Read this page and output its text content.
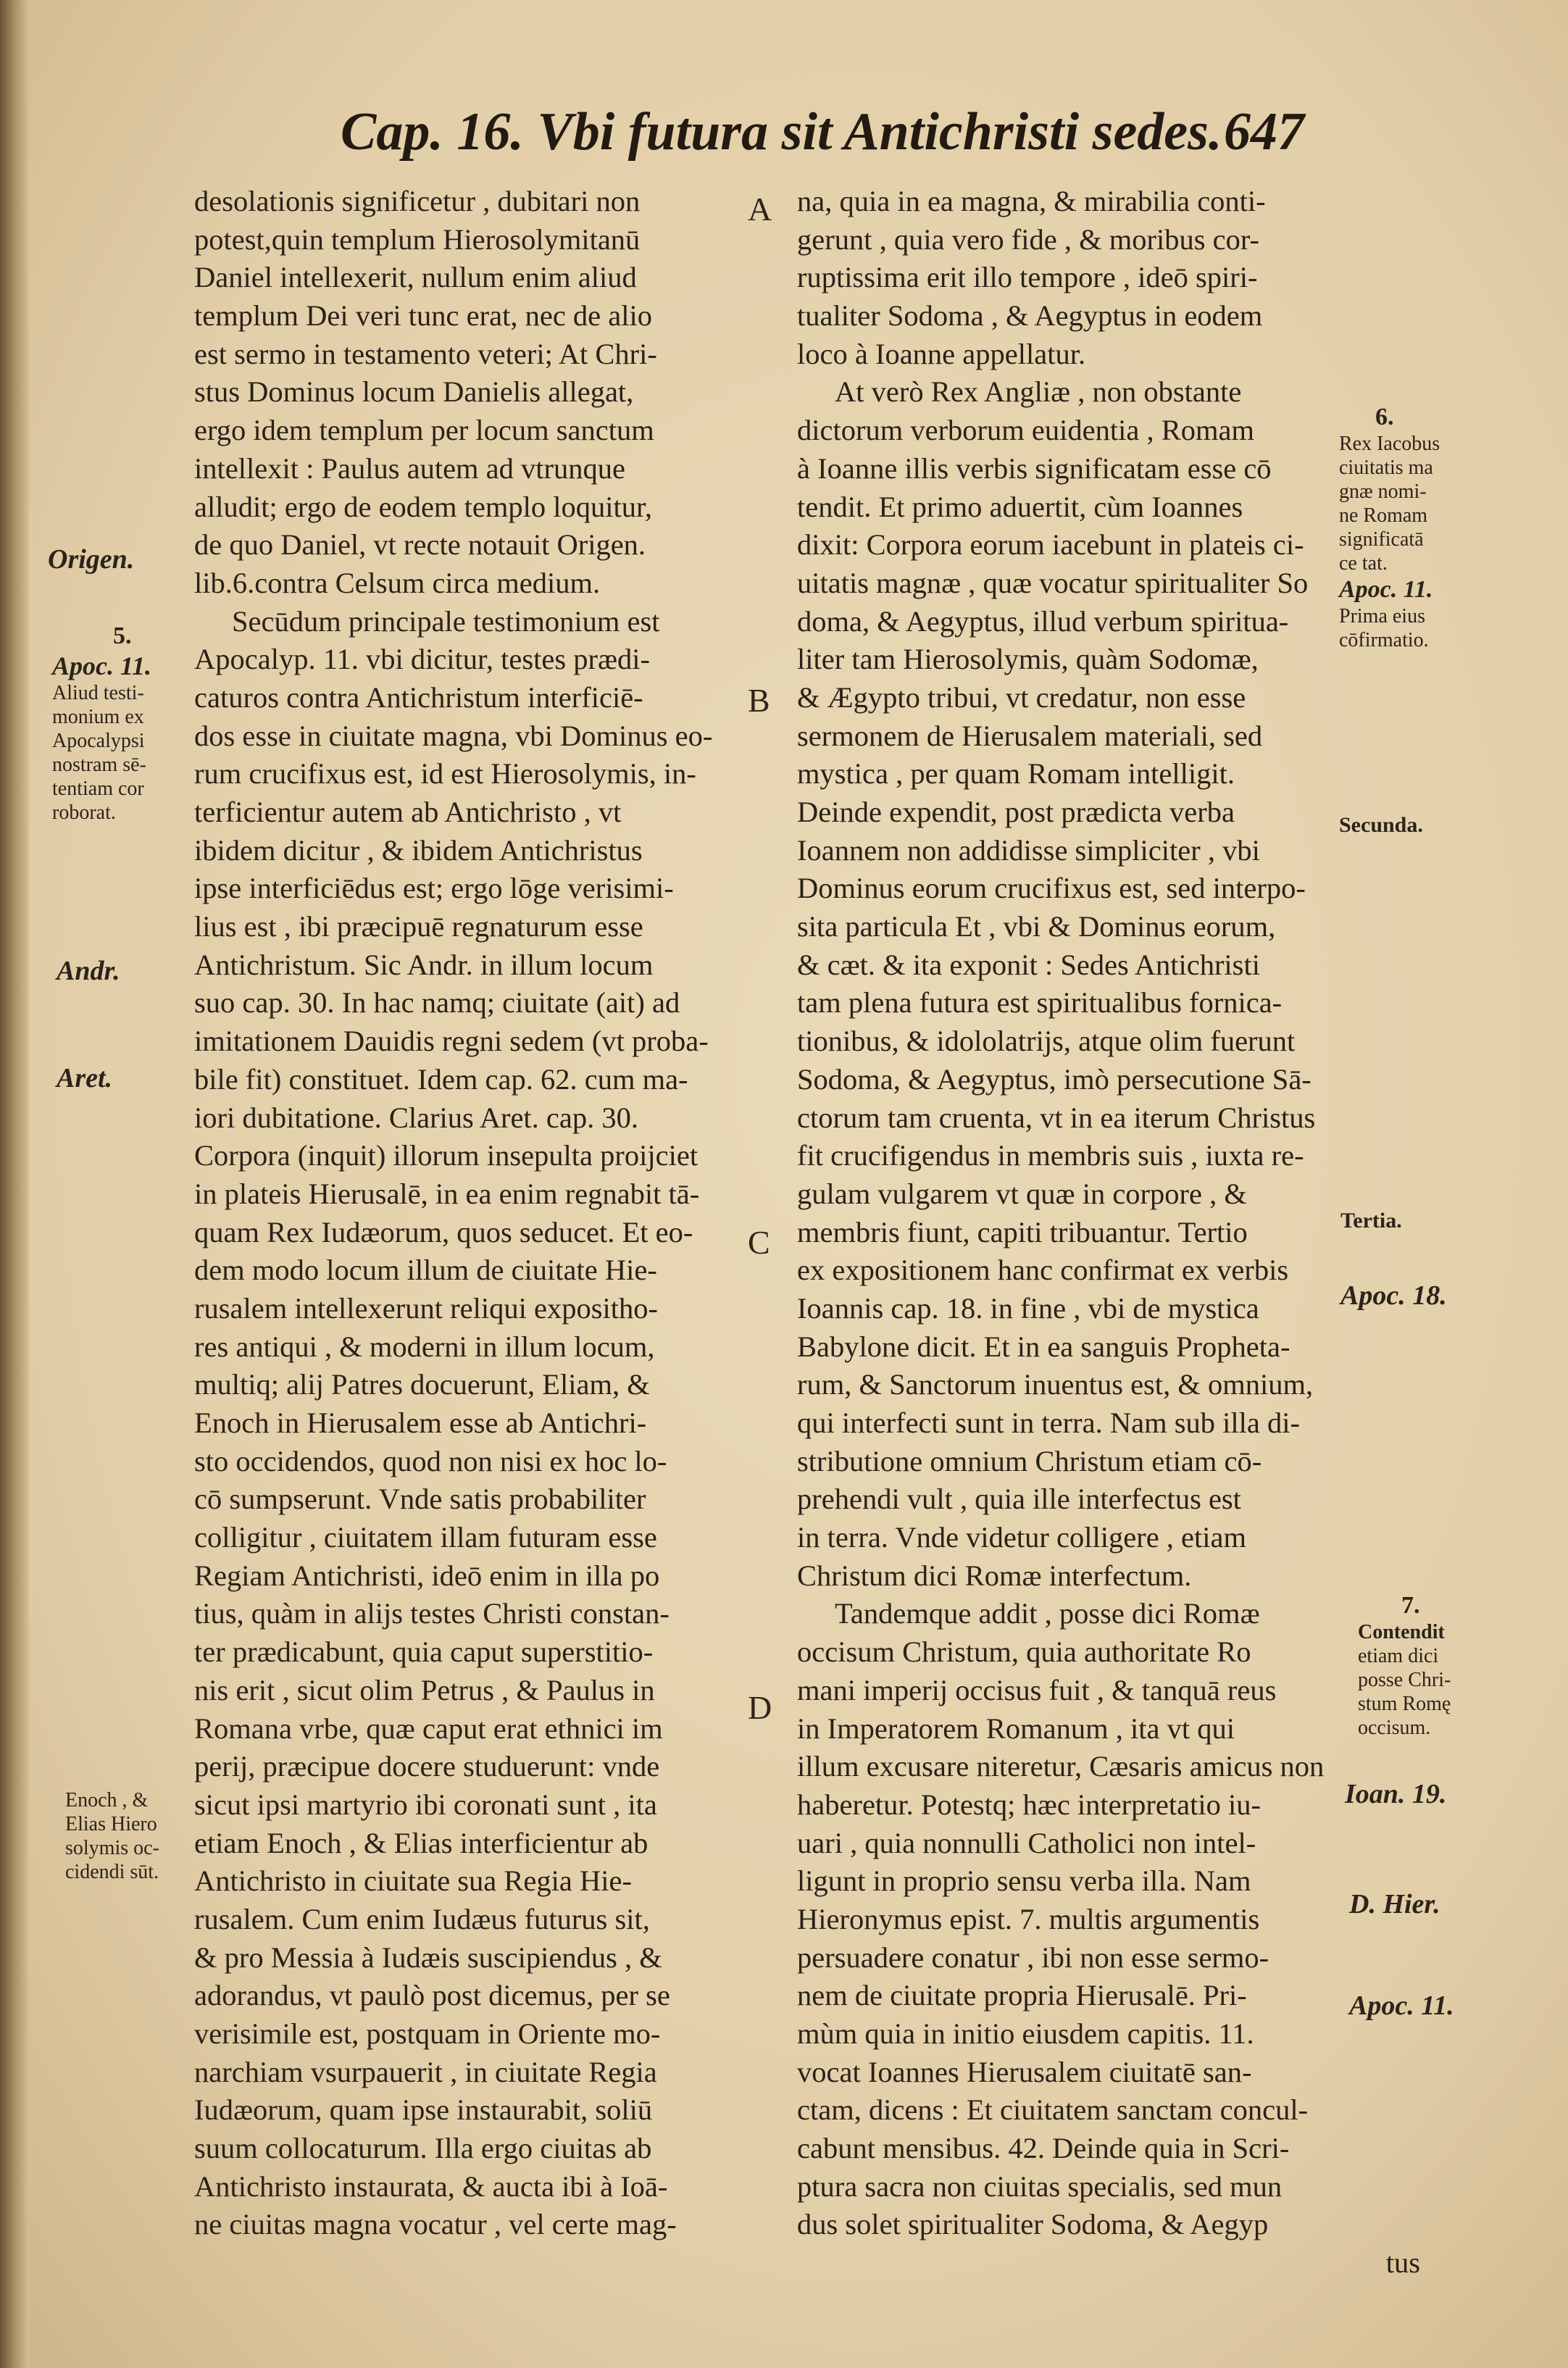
Cap. 16. Vbi futura sit Antichristi sedes. 647
desolationis significetur , dubitari non
potest,quin templum Hierosolymitanū
Daniel intellexerit, nullum enim aliud
templum Dei veri tunc erat, nec de alio
est sermo in testamento veteri; At Chri-
stus Dominus locum Danielis allegat,
ergo idem templum per locum sanctum
intellexit : Paulus autem ad vtrunque
alludit; ergo de eodem templo loquitur,
de quo Daniel, vt recte notauit Origen.
lib.6.contra Celsum circa medium.
Secūdum principale testimonium est
Apocalyp. 11. vbi dicitur, testes prædi-
caturos contra Antichristum interficiē-
dos esse in ciuitate magna, vbi Dominus eo-
rum crucifixus est, id est Hierosolymis, in-
terficientur autem ab Antichristo , vt
ibidem dicitur , & ibidem Antichristus
ipse interficiēdus est; ergo lōge verisimi-
lius est , ibi præcipuē regnaturum esse
Antichristum. Sic Andr. in illum locum
suo cap. 30. In hac namq; ciuitate (ait) ad
imitationem Dauidis regni sedem (vt proba-
bile fit) constituet. Idem cap. 62. cum ma-
iori dubitatione. Clarius Aret. cap. 30.
Corpora (inquit) illorum insepulta proijciet
in plateis Hierusalē, in ea enim regnabit tā-
quam Rex Iudæorum, quos seducet. Et eo-
dem modo locum illum de ciuitate Hie-
rusalem intellexerunt reliqui expositho-
res antiqui , & moderni in illum locum,
multiq; alij Patres docuerunt, Eliam, &
Enoch in Hierusalem esse ab Antichri-
sto occidendos, quod non nisi ex hoc lo-
cō sumpserunt. Vnde satis probabiliter
colligitur , ciuitatem illam futuram esse
Regiam Antichristi, ideō enim in illa po
tius, quàm in alijs testes Christi constan-
ter prædicabunt, quia caput superstitio-
nis erit , sicut olim Petrus , & Paulus in
Romana vrbe, quæ caput erat ethnici im
perij, præcipue docere studuerunt: vnde
sicut ipsi martyrio ibi coronati sunt , ita
etiam Enoch , & Elias interficientur ab
Antichristo in ciuitate sua Regia Hie-
rusalem. Cum enim Iudæus futurus sit,
& pro Messia à Iudæis suscipiendus , &
adorandus, vt paulò post dicemus, per se
verisimile est, postquam in Oriente mo-
narchiam vsurpauerit , in ciuitate Regia
Iudæorum, quam ipse instaurabit, soliū
suum collocaturum. Illa ergo ciuitas ab
Antichristo instaurata, & aucta ibi à Ioā-
ne ciuitas magna vocatur , vel certe mag-
na, quia in ea magna, & mirabilia conti-
gerunt , quia vero fide , & moribus cor-
ruptissima erit illo tempore , ideō spiri-
tualiter Sodoma , & Aegyptus in eodem
loco à Ioanne appellatur.
At verò Rex Angliæ , non obstante
dictorum verborum euidentia , Romam
à Ioanne illis verbis significatam esse cō
tendit. Et primo aduertit, cùm Ioannes
dixit: Corpora eorum iacebunt in plateis ci-
uitatis magnæ , quæ vocatur spiritualiter So
doma, & Aegyptus, illud verbum spiritua-
liter tam Hierosolymis, quàm Sodomæ,
& Ægypto tribui, vt credatur, non esse
sermonem de Hierusalem materiali, sed
mystica , per quam Romam intelligit.
Deinde expendit, post prædicta verba
Ioannem non addidisse simpliciter , vbi
Dominus eorum crucifixus est, sed interpo-
sita particula Et , vbi & Dominus eorum,
& cæt. & ita exponit : Sedes Antichristi
tam plena futura est spiritualibus fornica-
tionibus, & idololatrijs, atque olim fuerunt
Sodoma, & Aegyptus, imò persecutione Sā-
ctorum tam cruenta, vt in ea iterum Christus
fit crucifigendus in membris suis , iuxta re-
gulam vulgarem vt quæ in corpore , &
membris fiunt, capiti tribuantur. Tertio
ex expositionem hanc confirmat ex verbis
Ioannis cap. 18. in fine , vbi de mystica
Babylone dicit. Et in ea sanguis Propheta-
rum, & Sanctorum inuentus est, & omnium,
qui interfecti sunt in terra. Nam sub illa di-
stributione omnium Christum etiam cō-
prehendi vult , quia ille interfectus est
in terra. Vnde videtur colligere , etiam
Christum dici Romæ interfectum.
Tandemque addit , posse dici Romæ
occisum Christum, quia authoritate Ro
mani imperij occisus fuit , & tanquā reus
in Imperatorem Romanum , ita vt qui
illum excusare niteretur, Cæsaris amicus non
haberetur. Potestq; hæc interpretatio iu-
uari , quia nonnulli Catholici non intel-
ligunt in proprio sensu verba illa. Nam
Hieronymus epist. 7. multis argumentis
persuadere conatur , ibi non esse sermo-
nem de ciuitate propria Hierusalē. Pri-
mùm quia in initio eiusdem capitis. 11.
vocat Ioannes Hierusalem ciuitatē san-
ctam, dicens : Et ciuitatem sanctam concul-
cabunt mensibus. 42. Deinde quia in Scri-
ptura sacra non ciuitas specialis, sed mun
dus solet spiritualiter Sodoma, & Aegyp
tus
A
B
C
D
Origen.
5.
Apoc. 11.
Aliud testi-
monium ex
Apocalypsi
nostram sē-
tentiam cor
roborat.
Andr.
Aret.
Enoch , &
Elias Hiero
solymis oc-
cidendi sūt.
6.
Rex Iacobus
ciuitatis ma
gnæ nomi-
ne Romam
significatā
ce tat.
Apoc. 11.
Prima eius
cōfirmatio.
Secunda.
Tertia.
Apoc. 18.
7.
Contendit
etiam dici
posse Chri-
stum Romę
occisum.
Ioan. 19.
D. Hier.
Apoc. 11.
